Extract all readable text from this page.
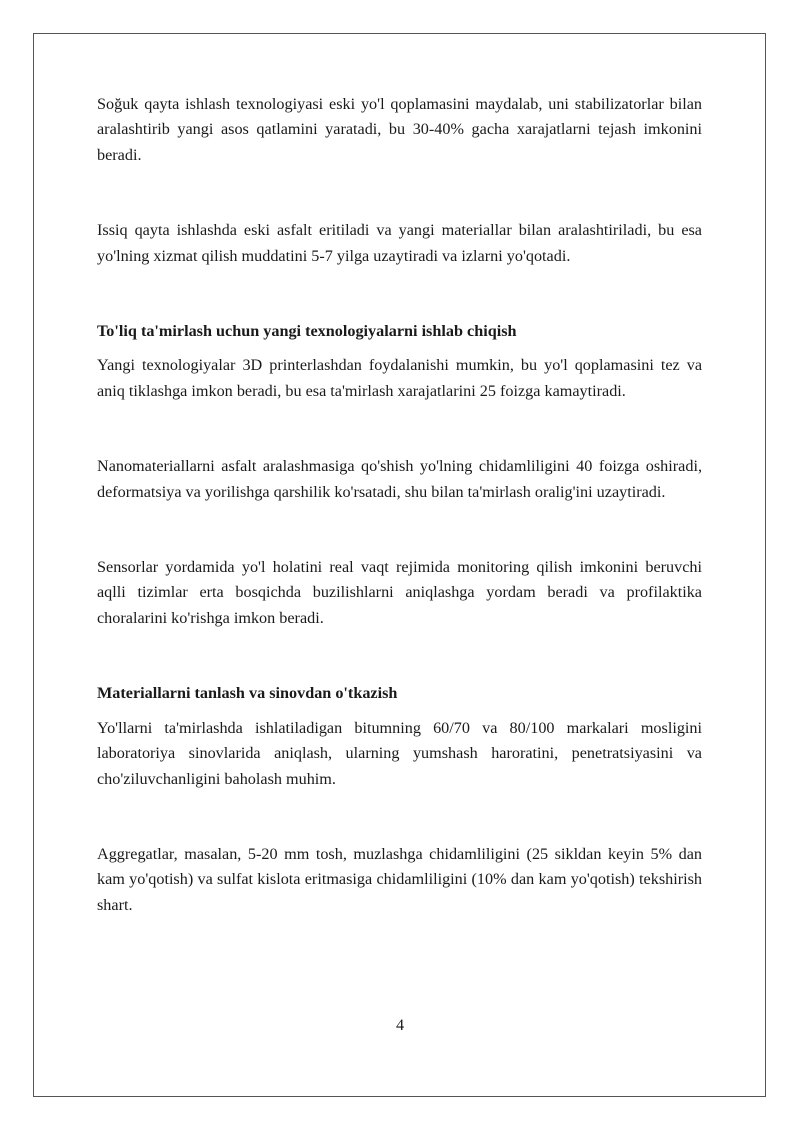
Soğuk qayta ishlash texnologiyasi eski yo'l qoplamasini maydalab, uni stabilizatorlar bilan aralashtirib yangi asos qatlamini yaratadi, bu 30-40% gacha xarajatlarni tejash imkonini beradi.

Issiq qayta ishlashda eski asfalt eritiladi va yangi materiallar bilan aralashtiriladi, bu esa yo'lning xizmat qilish muddatini 5-7 yilga uzaytiradi va izlarni yo'qotadi.

To'liq ta'mirlash uchun yangi texnologiyalarni ishlab chiqish

Yangi texnologiyalar 3D printerlashdan foydalanishi mumkin, bu yo'l qoplamasini tez va aniq tiklashga imkon beradi, bu esa ta'mirlash xarajatlarini 25 foizga kamaytiradi.

Nanomateriallarni asfalt aralashmasiga qo'shish yo'lning chidamliligini 40 foizga oshiradi, deformatsiya va yorilishga qarshilik ko'rsatadi, shu bilan ta'mirlash oralig'ini uzaytiradi.

Sensorlar yordamida yo'l holatini real vaqt rejimida monitoring qilish imkonini beruvchi aqlli tizimlar erta bosqichda buzilishlarni aniqlashga yordam beradi va profilaktika choralarini ko'rishga imkon beradi.

Materiallarni tanlash va sinovdan o'tkazish

Yo'llarni ta'mirlashda ishlatiladigan bitumning 60/70 va 80/100 markalari mosligini laboratoriya sinovlarida aniqlash, ularning yumshash haroratini, penetratsiyasini va cho'ziluvchanligini baholash muhim.

Aggregatlar, masalan, 5-20 mm tosh, muzlashga chidamliligini (25 sikldan keyin 5% dan kam yo'qotish) va sulfat kislota eritmasiga chidamliligini (10% dan kam yo'qotish) tekshirish shart.

4
